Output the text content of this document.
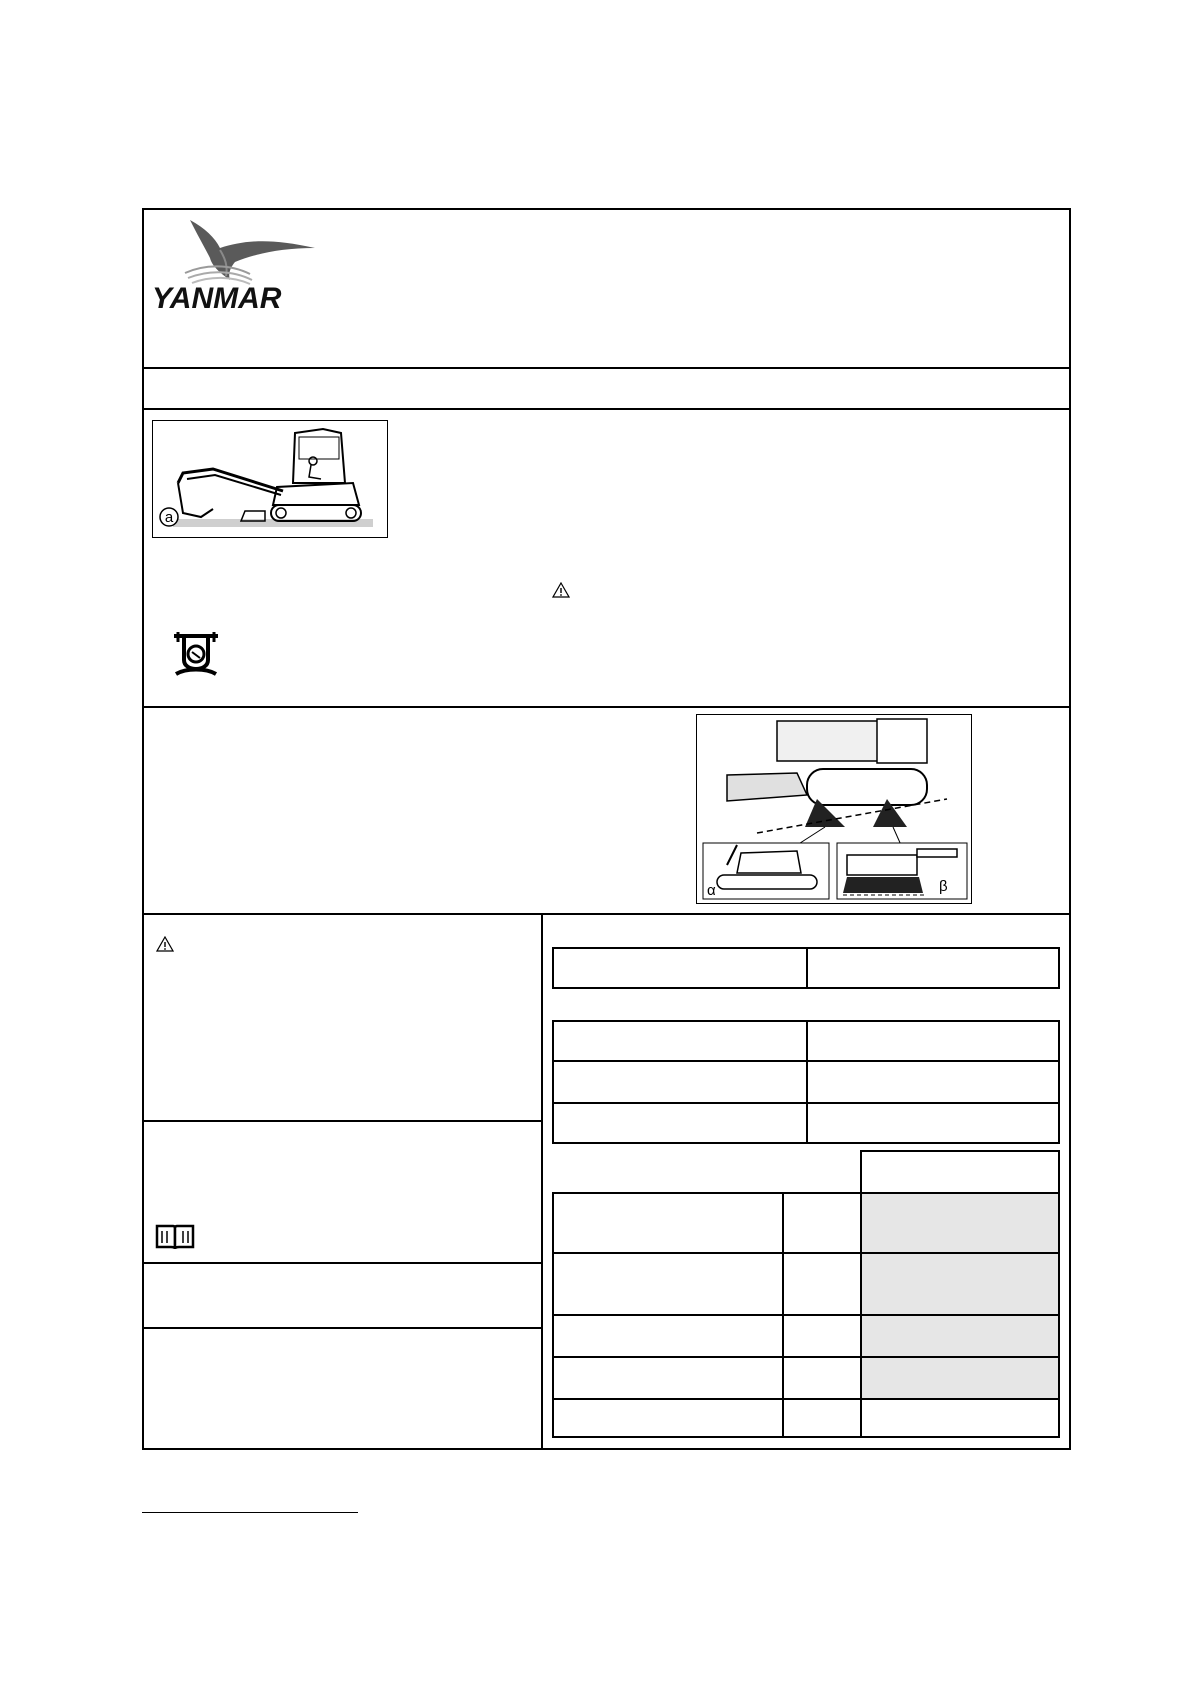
YANMAR
a
α	β
